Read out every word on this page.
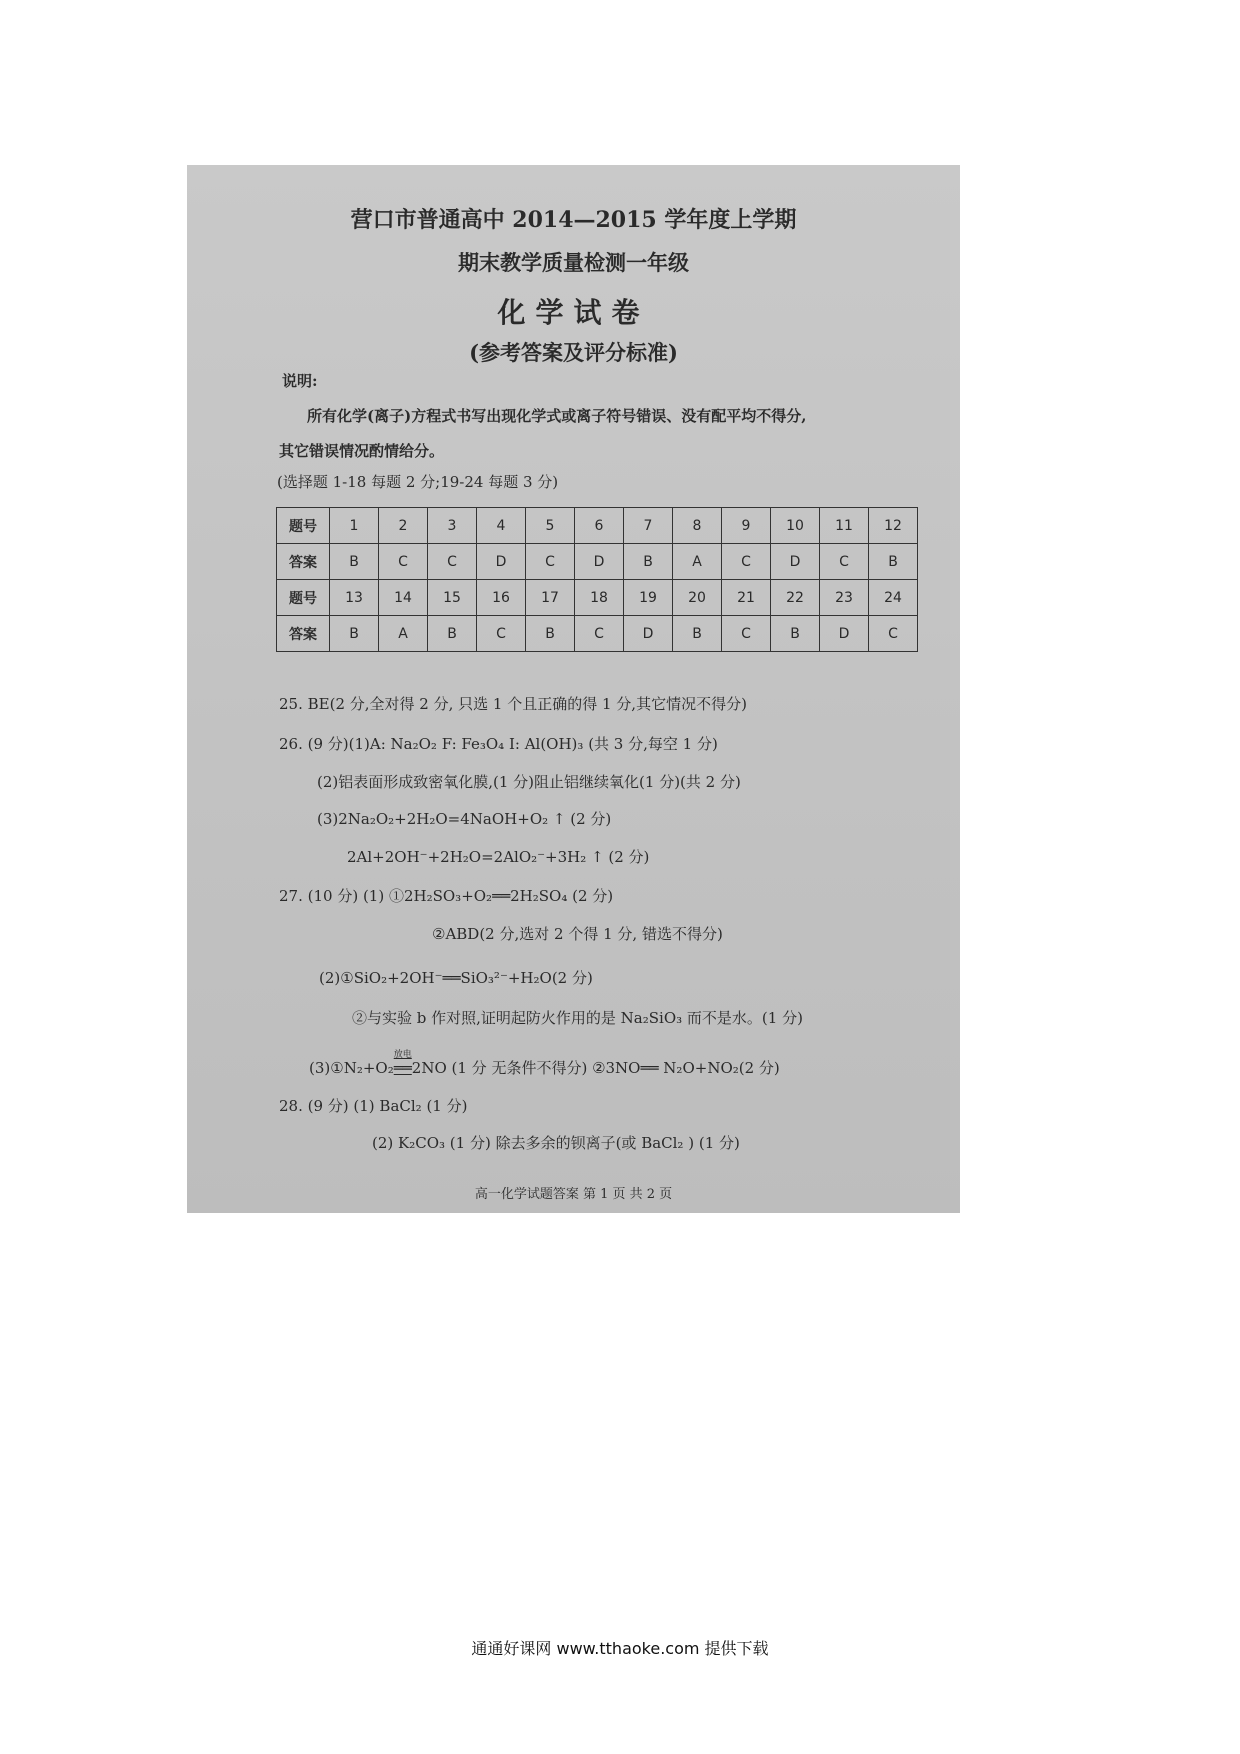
营口市普通高中 2014—2015 学年度上学期
期末教学质量检测一年级
化学试卷
(参考答案及评分标准)
说明:
所有化学(离子)方程式书写出现化学式或离子符号错误、没有配平均不得分,
其它错误情况酌情给分。
(选择题 1-18 每题 2 分;19-24 每题 3 分)
题号	1	2	3	4	5	6	7	8	9	10	11	12
答案	B	C	C	D	C	D	B	A	C	D	C	B
题号	13	14	15	16	17	18	19	20	21	22	23	24
答案	B	A	B	C	B	C	D	B	C	B	D	C
25. BE(2 分,全对得 2 分, 只选 1 个且正确的得 1 分,其它情况不得分)
26. (9 分)(1)A: Na₂O₂ F: Fe₃O₄ I: Al(OH)₃ (共 3 分,每空 1 分)
(2)铝表面形成致密氧化膜,(1 分)阻止铝继续氧化(1 分)(共 2 分)
(3)2Na₂O₂+2H₂O=4NaOH+O₂ ↑ (2 分)
2Al+2OH⁻+2H₂O=2AlO₂⁻+3H₂ ↑ (2 分)
27. (10 分) (1) ①2H₂SO₃+O₂══2H₂SO₄ (2 分)
②ABD(2 分,选对 2 个得 1 分, 错选不得分)
(2)①SiO₂+2OH⁻══SiO₃²⁻+H₂O(2 分)
②与实验 b 作对照,证明起防火作用的是 Na₂SiO₃ 而不是水。(1 分)
(3)①N₂+O₂
放电
══2NO (1 分 无条件不得分) ②3NO══ N₂O+NO₂(2 分)
28. (9 分) (1) BaCl₂ (1 分)
(2) K₂CO₃ (1 分) 除去多余的钡离子(或 BaCl₂ ) (1 分)
高一化学试题答案 第 1 页 共 2 页
通通好课网 www.tthaoke.com 提供下载
